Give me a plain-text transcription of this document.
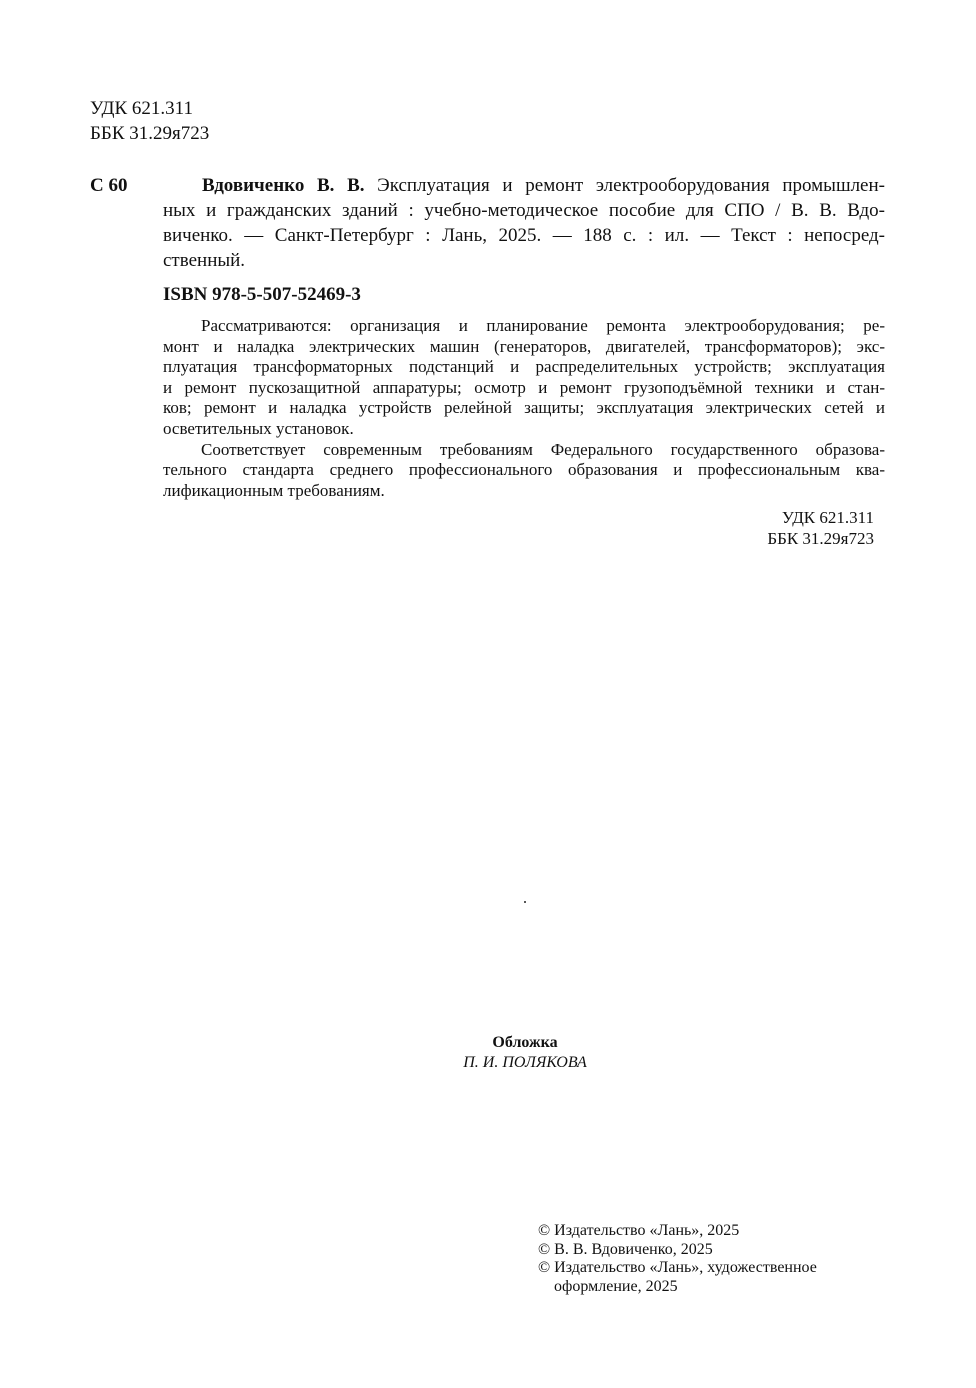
УДК 621.311
ББК 31.29я723
С 60	Вдовиченко В. В. Эксплуатация и ремонт электрооборудования промышлен-
ных и гражданских зданий : учебно-методическое пособие для СПО / В. В. Вдо-
виченко. — Санкт-Петербург : Лань, 2025. — 188 с. : ил. — Текст : непосред-
ственный.
ISBN 978-5-507-52469-3
Рассматриваются: организация и планирование ремонта электрооборудования; ре-
монт и наладка электрических машин (генераторов, двигателей, трансформаторов); экс-
плуатация трансформаторных подстанций и распределительных устройств; эксплуатация
и ремонт пускозащитной аппаратуры; осмотр и ремонт грузоподъёмной техники и стан-
ков; ремонт и наладка устройств релейной защиты; эксплуатация электрических сетей и
осветительных установок.
Соответствует современным требованиям Федерального государственного образова-
тельного стандарта среднего профессионального образования и профессиональным ква-
лификационным требованиям.
УДК 621.311
ББК 31.29я723
Обложка
П. И. ПОЛЯКОВА
© Издательство «Лань», 2025
© В. В. Вдовиченко, 2025
© Издательство «Лань», художественное
оформление, 2025
